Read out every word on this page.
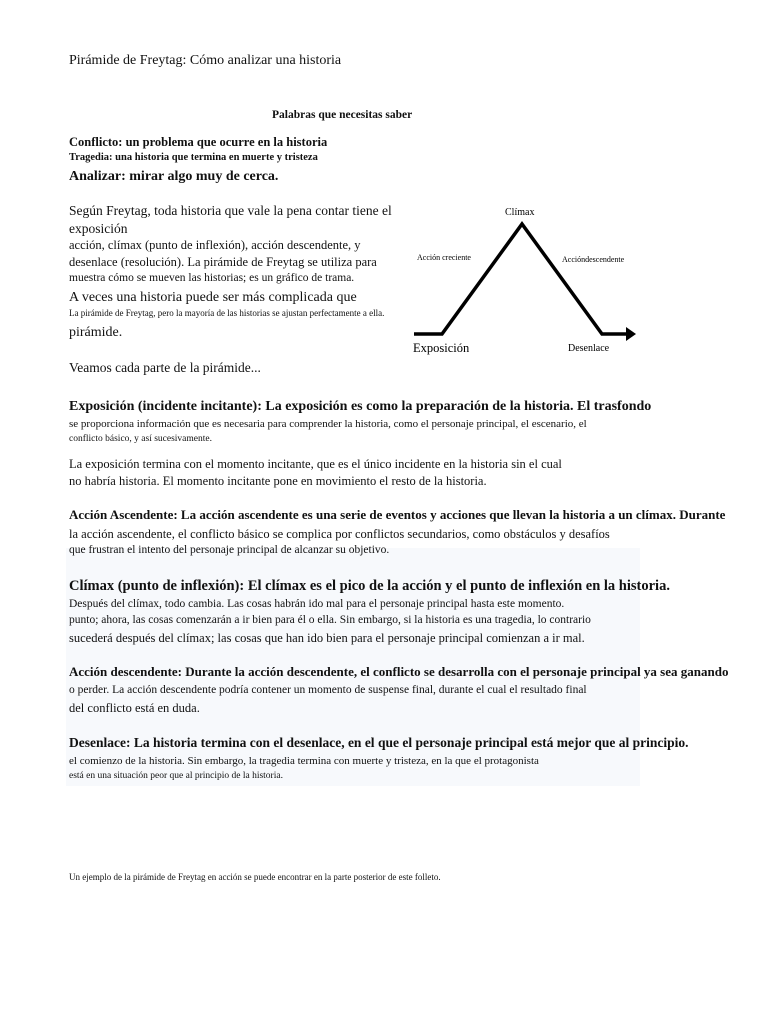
Pirámide de Freytag: Cómo analizar una historia
Palabras que necesitas saber
Conflicto: un problema que ocurre en la historia
Tragedia: una historia que termina en muerte y tristeza
Analizar: mirar algo muy de cerca.
Según Freytag, toda historia que vale la pena contar tiene el
exposición
acción, clímax (punto de inflexión), acción descendente, y
desenlace (resolución). La pirámide de Freytag se utiliza para
muestra cómo se mueven las historias; es un gráfico de trama.
A veces una historia puede ser más complicada que
La pirámide de Freytag, pero la mayoría de las historias se ajustan perfectamente a ella.
pirámide.
Veamos cada parte de la pirámide...
Clímax
Acción creciente	Accióndescendente
Exposición	Desenlace
Exposición (incidente incitante): La exposición es como la preparación de la historia. El trasfondo
se proporciona información que es necesaria para comprender la historia, como el personaje principal, el escenario, el
conflicto básico, y así sucesivamente.
La exposición termina con el momento incitante, que es el único incidente en la historia sin el cual
no habría historia. El momento incitante pone en movimiento el resto de la historia.
Acción Ascendente: La acción ascendente es una serie de eventos y acciones que llevan la historia a un clímax. Durante
la acción ascendente, el conflicto básico se complica por conflictos secundarios, como obstáculos y desafíos
que frustran el intento del personaje principal de alcanzar su objetivo.
Clímax (punto de inflexión): El clímax es el pico de la acción y el punto de inflexión en la historia.
Después del clímax, todo cambia. Las cosas habrán ido mal para el personaje principal hasta este momento.
punto; ahora, las cosas comenzarán a ir bien para él o ella. Sin embargo, si la historia es una tragedia, lo contrario
sucederá después del clímax; las cosas que han ido bien para el personaje principal comienzan a ir mal.
Acción descendente: Durante la acción descendente, el conflicto se desarrolla con el personaje principal ya sea ganando
o perder. La acción descendente podría contener un momento de suspense final, durante el cual el resultado final
del conflicto está en duda.
Desenlace: La historia termina con el desenlace, en el que el personaje principal está mejor que al principio.
el comienzo de la historia. Sin embargo, la tragedia termina con muerte y tristeza, en la que el protagonista
está en una situación peor que al principio de la historia.
Un ejemplo de la pirámide de Freytag en acción se puede encontrar en la parte posterior de este folleto.
